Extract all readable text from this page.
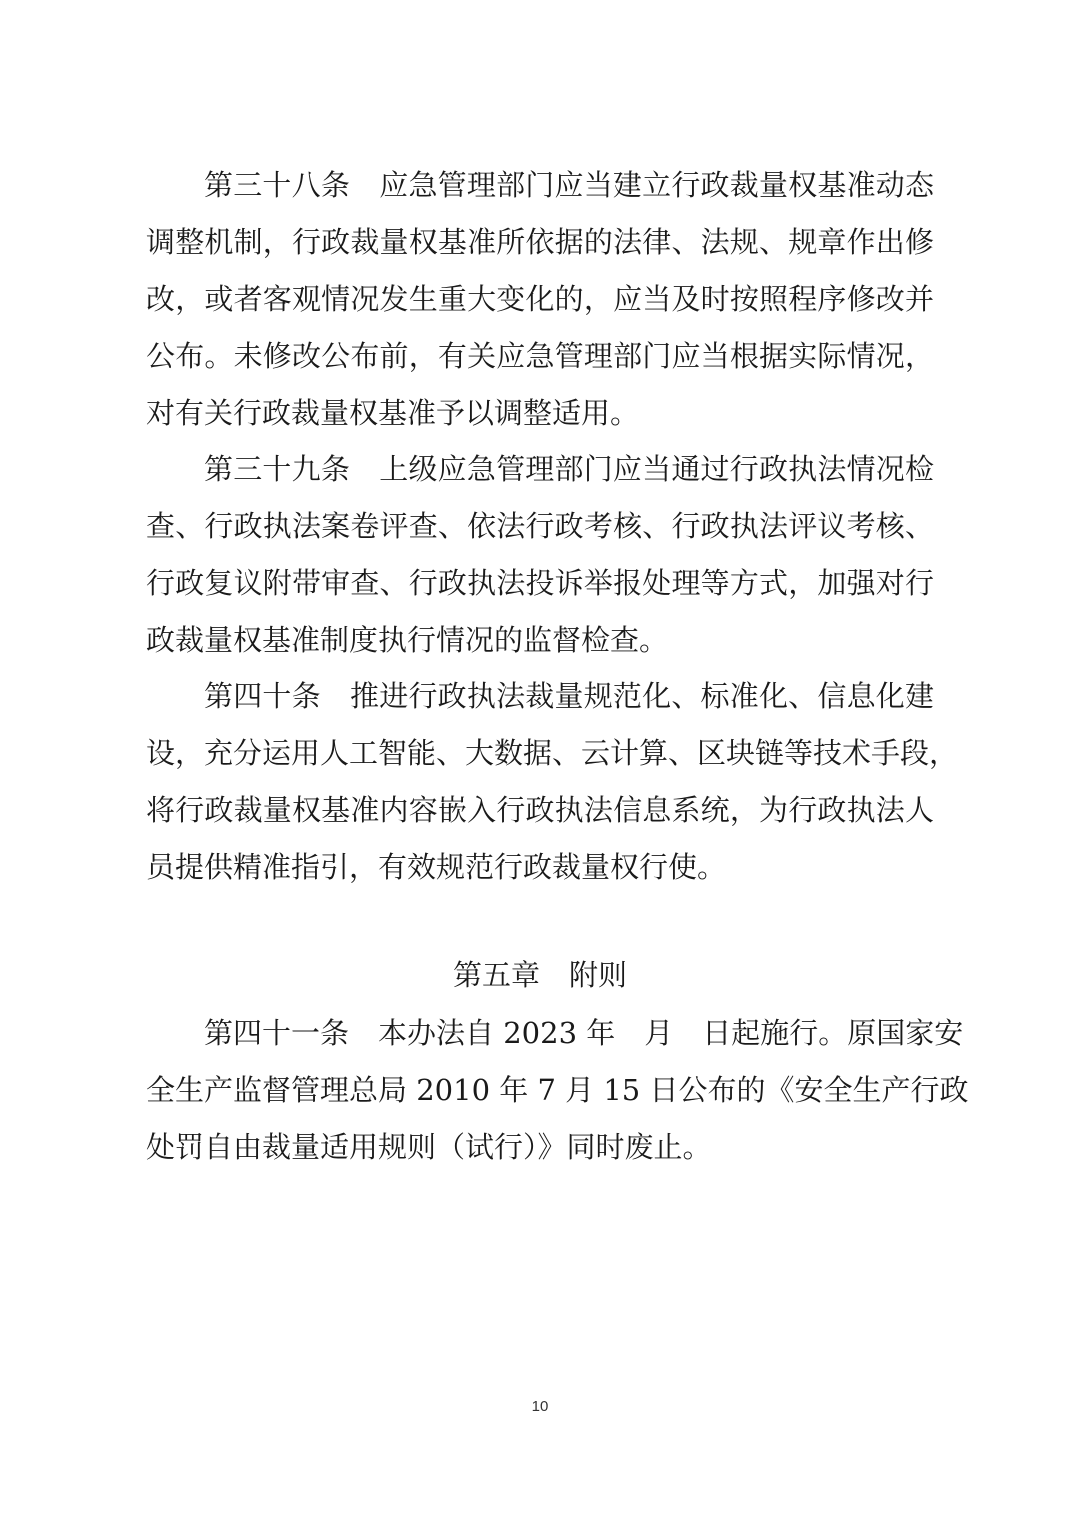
第三十八条　应急管理部门应当建立行政裁量权基准动态

调整机制，行政裁量权基准所依据的法律、法规、规章作出修

改，或者客观情况发生重大变化的，应当及时按照程序修改并

公布。未修改公布前，有关应急管理部门应当根据实际情况，

对有关行政裁量权基准予以调整适用。

第三十九条　上级应急管理部门应当通过行政执法情况检

查、行政执法案卷评查、依法行政考核、行政执法评议考核、

行政复议附带审查、行政执法投诉举报处理等方式，加强对行

政裁量权基准制度执行情况的监督检查。

第四十条　推进行政执法裁量规范化、标准化、信息化建

设，充分运用人工智能、大数据、云计算、区块链等技术手段，

将行政裁量权基准内容嵌入行政执法信息系统，为行政执法人

员提供精准指引，有效规范行政裁量权行使。

第五章　附则

第四十一条　本办法自 2023 年　月　日起施行。原国家安

全生产监督管理总局 2010 年 7 月 15 日公布的《安全生产行政

处罚自由裁量适用规则（试行）》同时废止。

10
